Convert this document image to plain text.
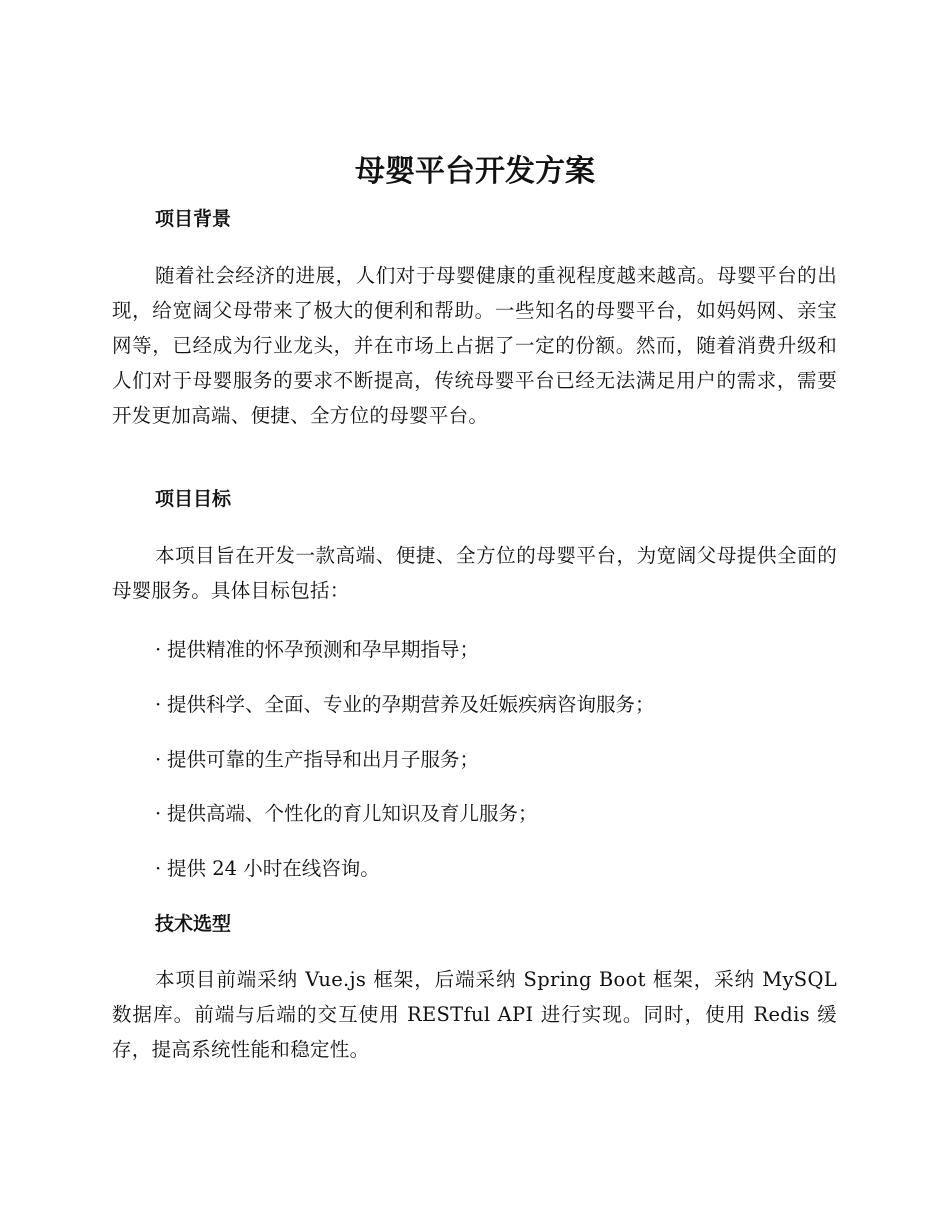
母婴平台开发方案
项目背景

随着社会经济的进展，人们对于母婴健康的重视程度越来越高。母婴平台的出现，给宽阔父母带来了极大的便利和帮助。一些知名的母婴平台，如妈妈网、亲宝网等，已经成为行业龙头，并在市场上占据了一定的份额。然而，随着消费升级和人们对于母婴服务的要求不断提高，传统母婴平台已经无法满足用户的需求，需要开发更加高端、便捷、全方位的母婴平台。

项目目标

本项目旨在开发一款高端、便捷、全方位的母婴平台，为宽阔父母提供全面的母婴服务。具体目标包括：

· 提供精准的怀孕预测和孕早期指导；

· 提供科学、全面、专业的孕期营养及妊娠疾病咨询服务；

· 提供可靠的生产指导和出月子服务；

· 提供高端、个性化的育儿知识及育儿服务；

· 提供 24 小时在线咨询。

技术选型

本项目前端采纳 Vue.js 框架，后端采纳 Spring Boot 框架，采纳 MySQL 数据库。前端与后端的交互使用 RESTful API 进行实现。同时，使用 Redis 缓存，提高系统性能和稳定性。
